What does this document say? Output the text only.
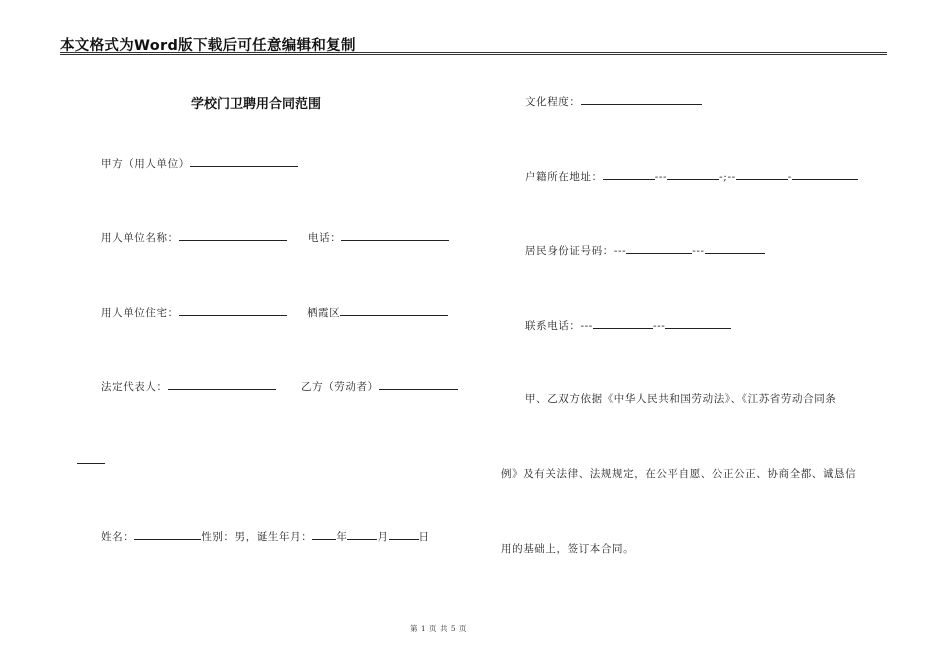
本文格式为Word版下载后可任意编辑和复制
学校门卫聘用合同范围
甲方（用人单位）
用人单位名称：	电话：
用人单位住宅：	栖霞区
法定代表人：	乙方（劳动者）
姓名：	性别：男，诞生年月： 年	月	日
文化程度：
户籍所在地址：	---	-;--	-
居民身份证号码：---	---
联系电话：---	---
甲、乙双方依据《中华人民共和国劳动法》、《江苏省劳动合同条
例》及有关法律、法规规定，在公平自愿、公正公正、协商全都、诚恳信
用的基础上，签订本合同。
第 1 页 共 5 页
